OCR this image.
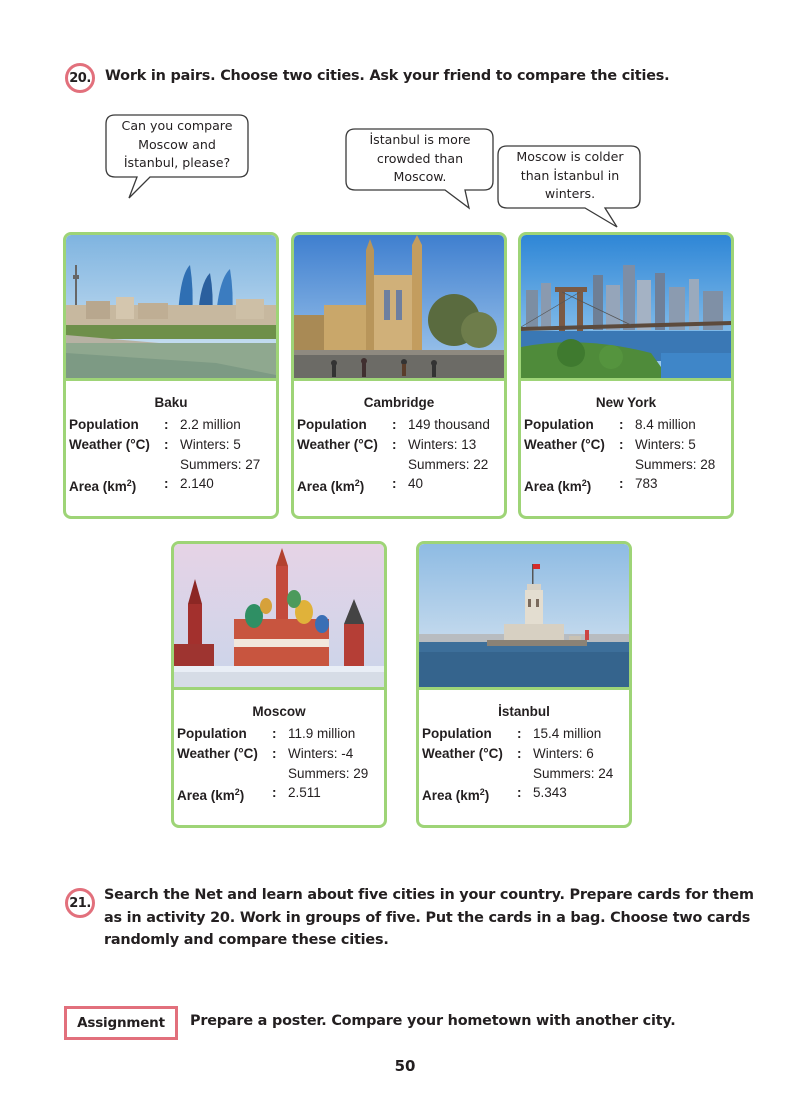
20. Work in pairs. Choose two cities. Ask your friend to compare the cities.
Can you compare
Moscow and
İstanbul, please?
İstanbul is more
crowded than
Moscow.
Moscow is colder
than İstanbul in
winters.
Baku
Population	: 2.2 million
Weather (°C)	: Winters: 5
Summers: 27
Area $(km^2)$	: 2.140
Cambridge
Population	: 149 thousand
Weather (°C)	: Winters: 13
Summers: 22
Area $(km^2)$	: 40
New York
Population	: 8.4 million
Weather (°C)	: Winters: 5
Summers: 28
Area $(km^2)$	: 783
Moscow
Population	: 11.9 million
Weather (°C)	: Winters: -4
Summers: 29
Area $(km^2)$	: 2.511
İstanbul
Population	: 15.4 million
Weather (°C)	: Winters: 6
Summers: 24
Area $(km^2)$	: 5.343
21. Search the Net and learn about five cities in your country. Prepare cards for them as in activity 20. Work in groups of five. Put the cards in a bag. Choose two cards randomly and compare these cities.
Assignment Prepare a poster. Compare your hometown with another city.
50
